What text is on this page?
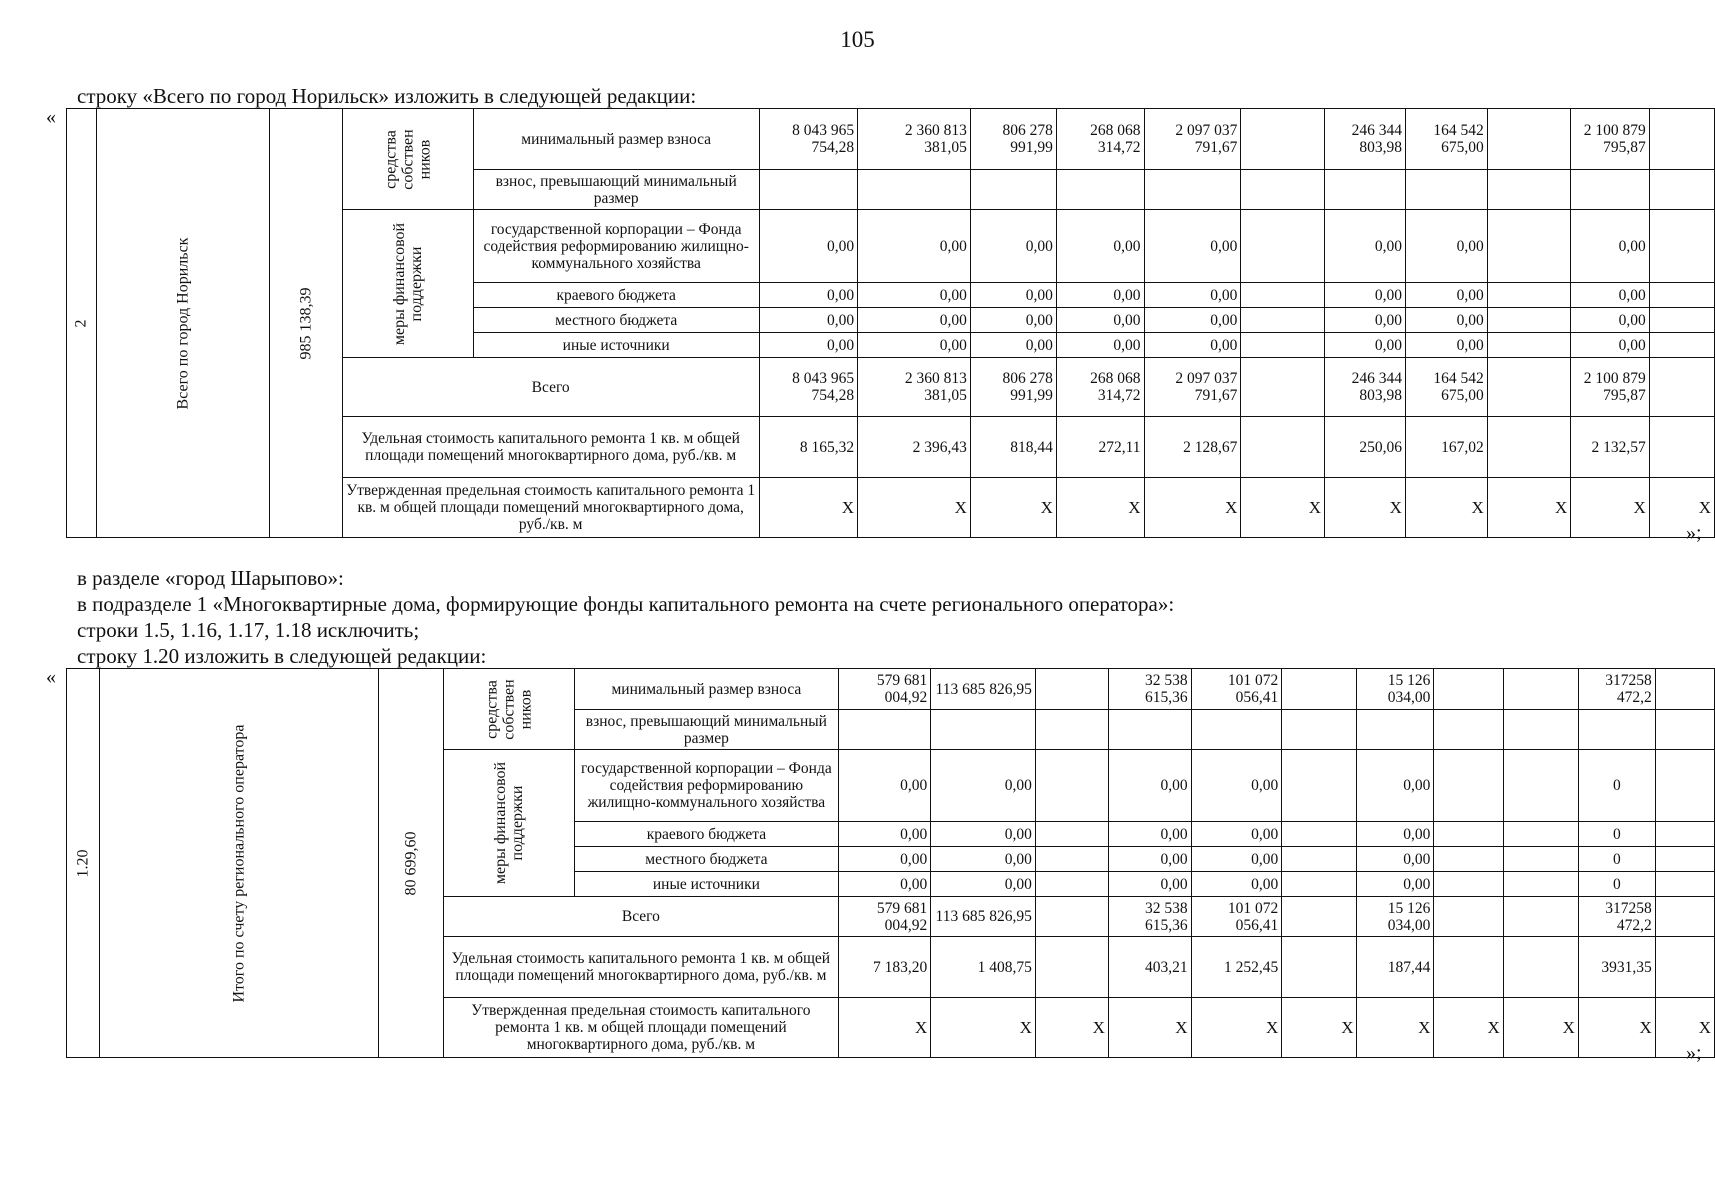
105
строку «Всего по город Норильск» изложить в следующей редакции:
«
»;
в разделе «город Шарыпово»:
в подразделе 1 «Многоквартирные дома, формирующие фонды капитального ремонта на счете регионального оператора»:
строки 1.5, 1.16, 1.17, 1.18 исключить;
строку 1.20 изложить в следующей редакции:
«
»;
2	Всего по город Норильск	985 138,39	средства собствен ников	минимальный размер взноса	8 043 965 754,28	2 360 813 381,05	806 278 991,99	268 068 314,72	2 097 037 791,67		246 344 803,98	164 542 675,00		2 100 879 795,87	
				взнос, превышающий минимальный размер											
			меры финансовой поддержки	государственной корпорации – Фонда содействия реформированию жилищно-коммунального хозяйства	0,00	0,00	0,00	0,00	0,00		0,00	0,00		0,00	
				краевого бюджета	0,00	0,00	0,00	0,00	0,00		0,00	0,00		0,00	
				местного бюджета	0,00	0,00	0,00	0,00	0,00		0,00	0,00		0,00	
				иные источники	0,00	0,00	0,00	0,00	0,00		0,00	0,00		0,00	
			Всего		8 043 965 754,28	2 360 813 381,05	806 278 991,99	268 068 314,72	2 097 037 791,67		246 344 803,98	164 542 675,00		2 100 879 795,87	
			Удельная стоимость капитального ремонта 1 кв. м общей площади помещений многоквартирного дома, руб./кв. м		8 165,32	2 396,43	818,44	272,11	2 128,67		250,06	167,02		2 132,57	
			Утвержденная предельная стоимость капитального ремонта 1 кв. м общей площади помещений многоквартирного дома, руб./кв. м		X	X	X	X	X	X	X	X	X	X	X
1.20	Итого по счету регионального оператора	80 699,60	средства собствен ников	минимальный размер взноса	579 681 004,92	113 685 826,95		32 538 615,36	101 072 056,41		15 126 034,00			317258 472,2	
				взнос, превышающий минимальный размер											
			меры финансовой поддержки	государственной корпорации – Фонда содействия реформированию жилищно-коммунального хозяйства	0,00	0,00		0,00	0,00		0,00			0	
				краевого бюджета	0,00	0,00		0,00	0,00		0,00			0	
				местного бюджета	0,00	0,00		0,00	0,00		0,00			0	
				иные источники	0,00	0,00		0,00	0,00		0,00			0	
			Всего		579 681 004,92	113 685 826,95		32 538 615,36	101 072 056,41		15 126 034,00			317258 472,2	
			Удельная стоимость капитального ремонта 1 кв. м общей площади помещений многоквартирного дома, руб./кв. м		7 183,20	1 408,75		403,21	1 252,45		187,44			3931,35	
			Утвержденная предельная стоимость капитального ремонта 1 кв. м общей площади помещений многоквартирного дома, руб./кв. м		X	X	X	X	X	X	X	X	X	X	X
